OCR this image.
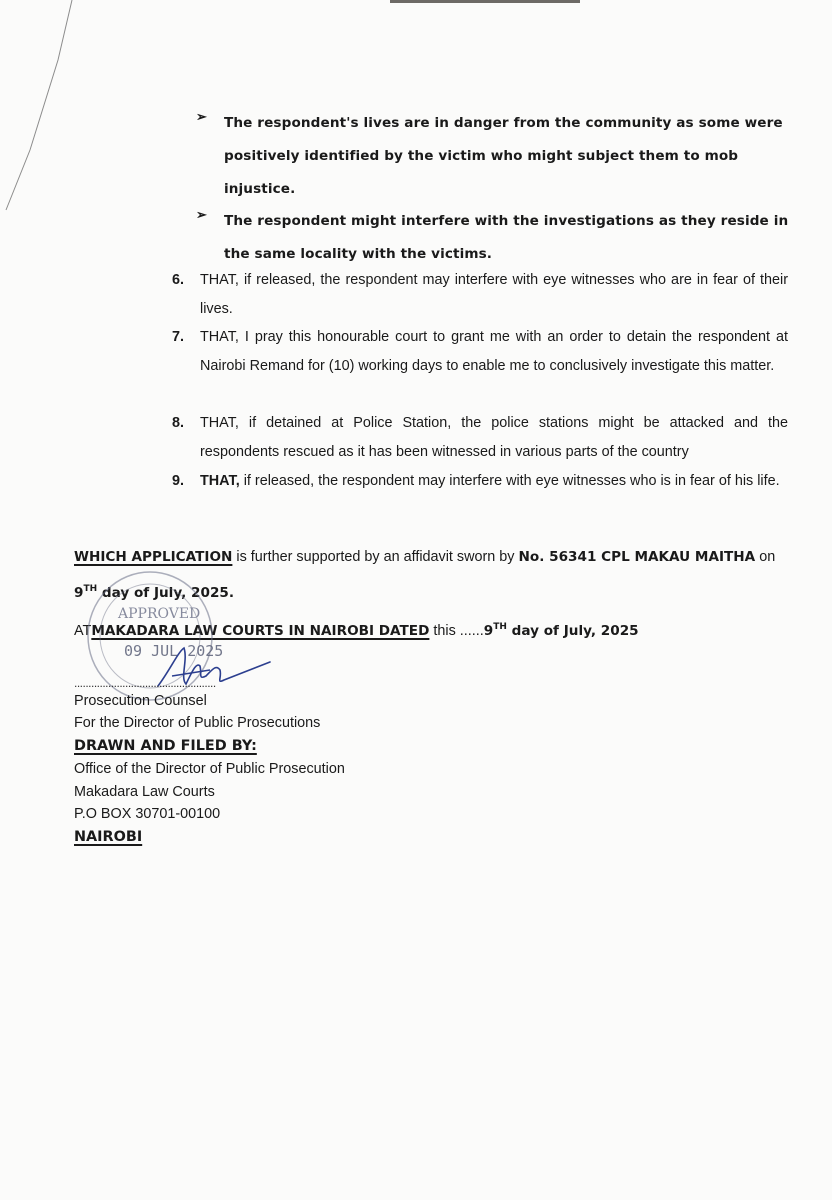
➢ The respondent's lives are in danger from the community as some were positively identified by the victim who might subject them to mob injustice.
➢ The respondent might interfere with the investigations as they reside in the same locality with the victims.
6. THAT, if released, the respondent may interfere with eye witnesses who are in fear of their lives.
7. THAT, I pray this honourable court to grant me with an order to detain the respondent at Nairobi Remand for (10) working days to enable me to conclusively investigate this matter.
8. THAT, if detained at Police Station, the police stations might be attacked and the respondents rescued as it has been witnessed in various parts of the country
9. THAT, if released, the respondent may interfere with eye witnesses who is in fear of his life.
WHICH APPLICATION is further supported by an affidavit sworn by No. 56341 CPL MAKAU MAITHA on 9TH day of July, 2025.
ATMAKADARA LAW COURTS IN NAIROBI DATED this ......9TH day of July, 2025
APPROVED
09 JUL 2025
..................................................
Prosecution Counsel
For the Director of Public Prosecutions
DRAWN AND FILED BY:
Office of the Director of Public Prosecution
Makadara Law Courts
P.O BOX 30701-00100
NAIROBI
